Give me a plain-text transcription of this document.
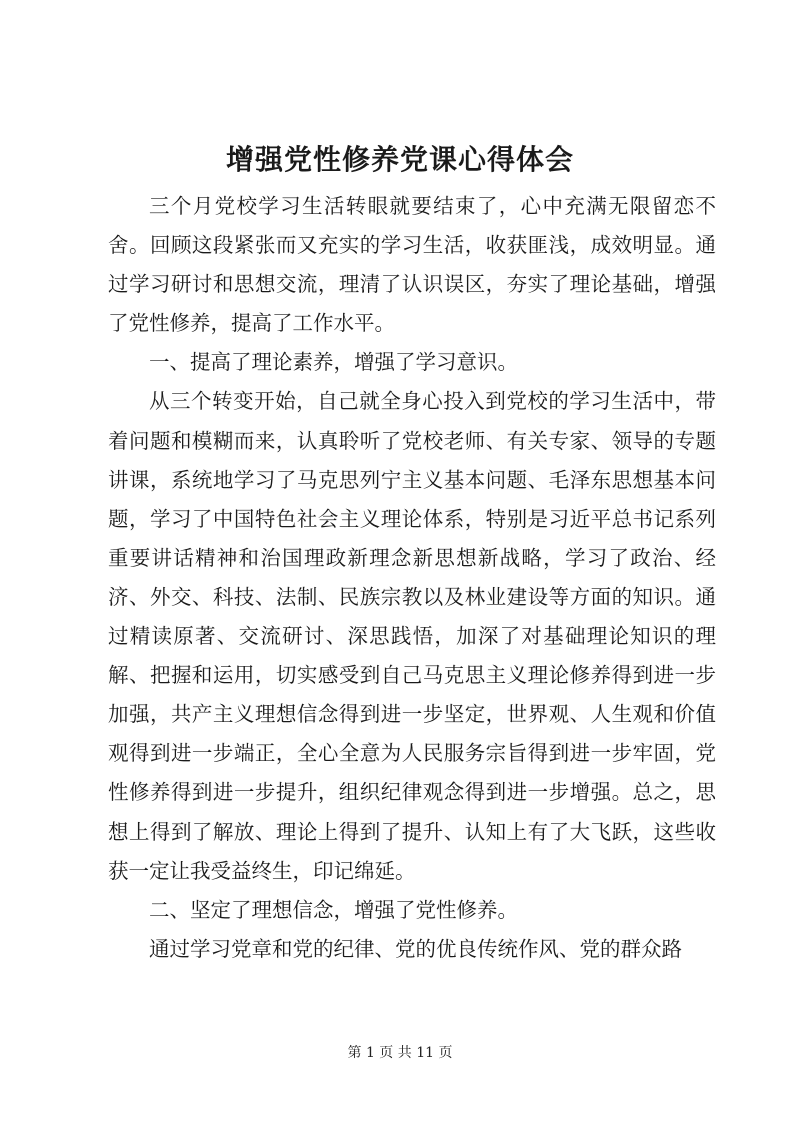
增强党性修养党课心得体会

三个月党校学习生活转眼就要结束了，心中充满无限留恋不舍。回顾这段紧张而又充实的学习生活，收获匪浅，成效明显。通过学习研讨和思想交流，理清了认识误区，夯实了理论基础，增强了党性修养，提高了工作水平。

一、提高了理论素养，增强了学习意识。

从三个转变开始，自己就全身心投入到党校的学习生活中，带着问题和模糊而来，认真聆听了党校老师、有关专家、领导的专题讲课，系统地学习了马克思列宁主义基本问题、毛泽东思想基本问题，学习了中国特色社会主义理论体系，特别是习近平总书记系列重要讲话精神和治国理政新理念新思想新战略，学习了政治、经济、外交、科技、法制、民族宗教以及林业建设等方面的知识。通过精读原著、交流研讨、深思践悟，加深了对基础理论知识的理解、把握和运用，切实感受到自己马克思主义理论修养得到进一步加强，共产主义理想信念得到进一步坚定，世界观、人生观和价值观得到进一步端正，全心全意为人民服务宗旨得到进一步牢固，党性修养得到进一步提升，组织纪律观念得到进一步增强。总之，思想上得到了解放、理论上得到了提升、认知上有了大飞跃，这些收获一定让我受益终生，印记绵延。

二、坚定了理想信念，增强了党性修养。

通过学习党章和党的纪律、党的优良传统作风、党的群众路

第 1 页 共 11 页
